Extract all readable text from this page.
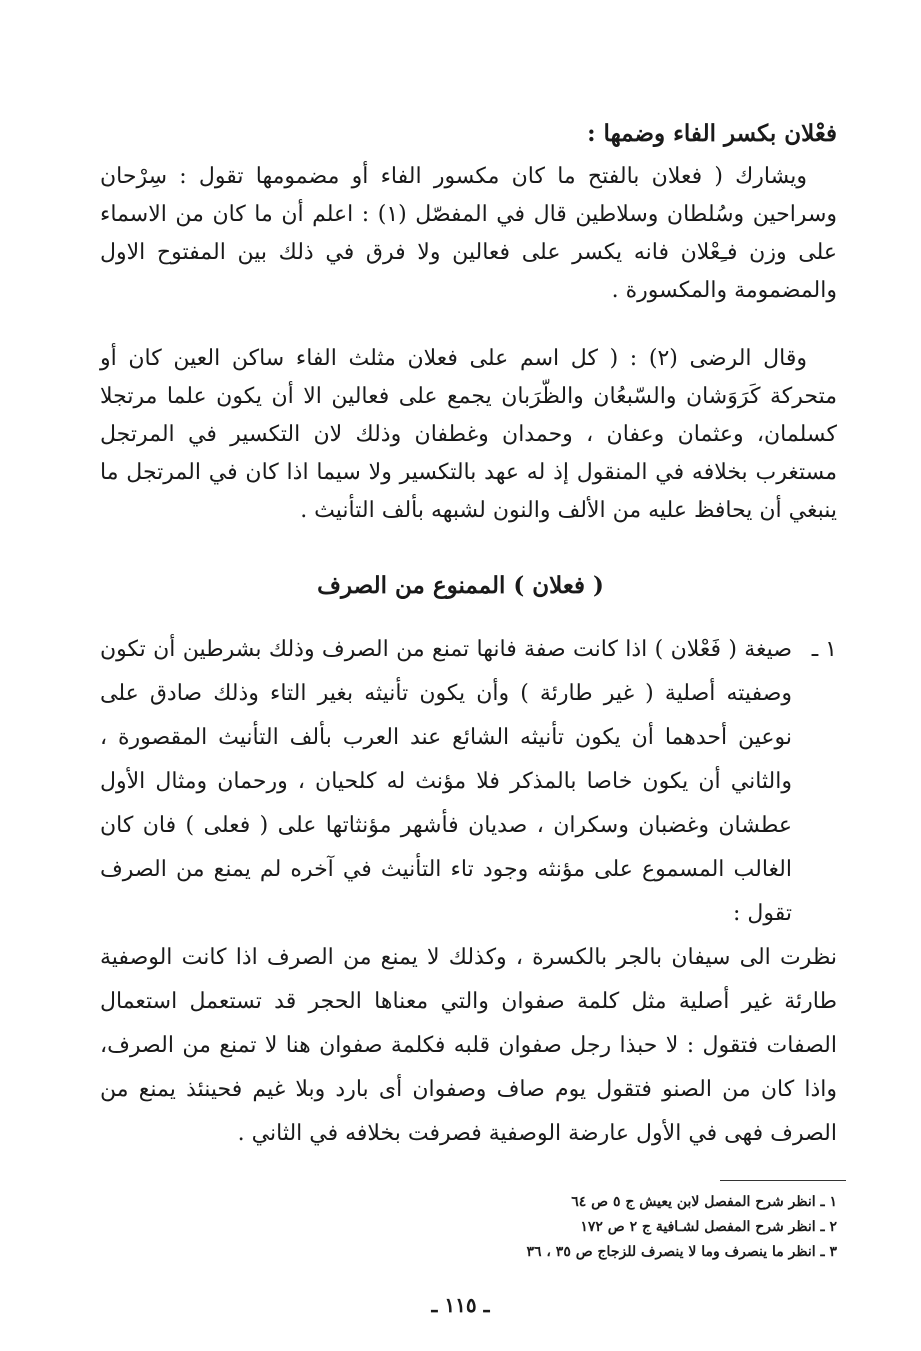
فعْلان بكسر الفاء وضمها :
ويشارك ( فعلان بالفتح ما كان مكسور الفاء أو مضمومها تقول : سِرْحان وسراحين وسُلطان وسلاطين قال في المفصّل (١) : اعلم أن ما كان من الاسماء على وزن فـِعْلان فانه يكسر على فعالين ولا فرق في ذلك بين المفتوح الاول والمضمومة والمكسورة .
وقال الرضى (٢) : ( كل اسم على فعلان مثلث الفاء ساكن العين كان أو متحركة كَرَوَشان والسّبعُان والظّرَبان يجمع على فعالين الا أن يكون علما مرتجلا كسلمان، وعثمان وعفان ، وحمدان وغطفان وذلك لان التكسير في المرتجل مستغرب بخلافه في المنقول إذ له عهد بالتكسير ولا سيما اذا كان في المرتجل ما ينبغي أن يحافظ عليه من الألف والنون لشبهه بألف التأنيث .
( فعلان ) الممنوع من الصرف
١ ـ
صيغة ( فَعْلان ) اذا كانت صفة فانها تمنع من الصرف وذلك بشرطين أن تكون وصفيته أصلية ( غير طارئة ) وأن يكون تأنيثه بغير التاء وذلك صادق على نوعين أحدهما أن يكون تأنيثه الشائع عند العرب بألف التأنيث المقصورة ، والثاني أن يكون خاصا بالمذكر فلا مؤنث له كلحيان ، ورحمان ومثال الأول عطشان وغضبان وسكران ، صديان فأشهر مؤنثاتها على ( فعلى ) فان كان الغالب المسموع على مؤنثه وجود تاء التأنيث في آخره لم يمنع من الصرف تقول :
نظرت الى سيفان بالجر بالكسرة ، وكذلك لا يمنع من الصرف اذا كانت الوصفية طارئة غير أصلية مثل كلمة صفوان والتي معناها الحجر قد تستعمل استعمال الصفات فتقول : لا حبذا رجل صفوان قلبه فكلمة صفوان هنا لا تمنع من الصرف، واذا كان من الصنو فتقول يوم صاف وصفوان أى بارد وبلا غيم فحينئذ يمنع من الصرف فهى في الأول عارضة الوصفية فصرفت بخلافه في الثاني .
١ ـ انظر شرح المفصل لابن يعيش ج ٥ ص ٦٤
٢ ـ انظر شرح المفصل لشـافية ج ٢ ص ١٧٢
٣ ـ انظر ما ينصرف وما لا ينصرف للزجاج ص ٣٥ ، ٣٦
ـ ١١٥ ـ
